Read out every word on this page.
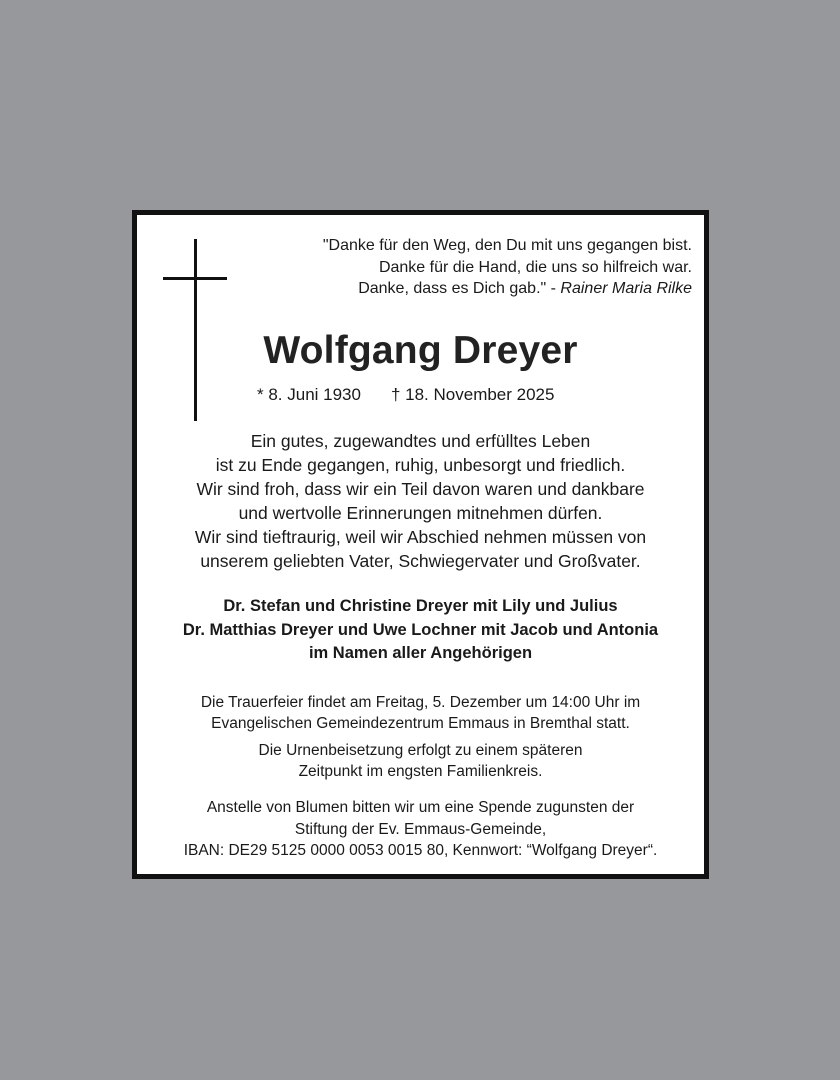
"Danke für den Weg, den Du mit uns gegangen bist.
Danke für die Hand, die uns so hilfreich war.
Danke, dass es Dich gab." - Rainer Maria Rilke
Wolfgang Dreyer
* 8. Juni 1930 † 18. November 2025
Ein gutes, zugewandtes und erfülltes Leben
ist zu Ende gegangen, ruhig, unbesorgt und friedlich.
Wir sind froh, dass wir ein Teil davon waren und dankbare
und wertvolle Erinnerungen mitnehmen dürfen.
Wir sind tieftraurig, weil wir Abschied nehmen müssen von
unserem geliebten Vater, Schwiegervater und Großvater.
Dr. Stefan und Christine Dreyer mit Lily und Julius
Dr. Matthias Dreyer und Uwe Lochner mit Jacob und Antonia
im Namen aller Angehörigen
Die Trauerfeier findet am Freitag, 5. Dezember um 14:00 Uhr im
Evangelischen Gemeindezentrum Emmaus in Bremthal statt.
Die Urnenbeisetzung erfolgt zu einem späteren
Zeitpunkt im engsten Familienkreis.
Anstelle von Blumen bitten wir um eine Spende zugunsten der
Stiftung der Ev. Emmaus-Gemeinde,
IBAN: DE29 5125 0000 0053 0015 80, Kennwort: “Wolfgang Dreyer“.
